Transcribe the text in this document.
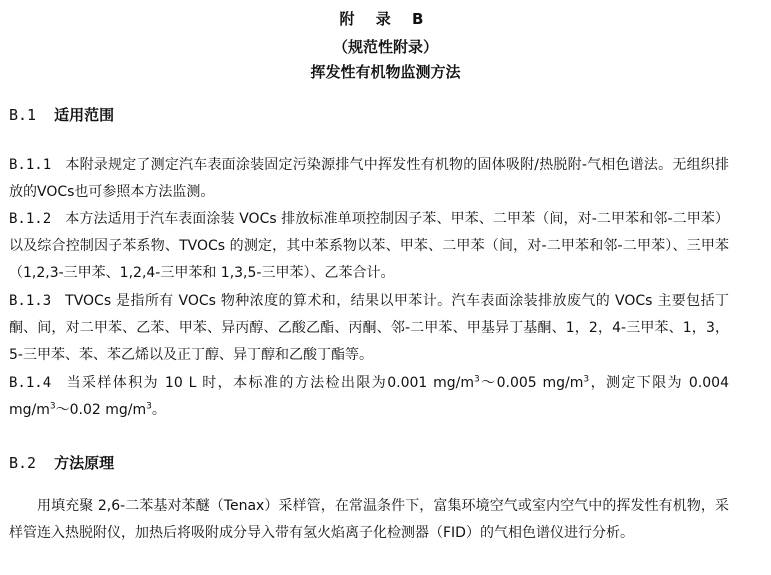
附 录 B
（规范性附录）
挥发性有机物监测方法
B.1 适用范围
B.1.1 本附录规定了测定汽车表面涂装固定污染源排气中挥发性有机物的固体吸附/热脱附-气相色谱法。无组织排放的VOCs也可参照本方法监测。
B.1.2 本方法适用于汽车表面涂装 VOCs 排放标准单项控制因子苯、甲苯、二甲苯（间，对-二甲苯和邻-二甲苯）以及综合控制因子苯系物、TVOCs 的测定，其中苯系物以苯、甲苯、二甲苯（间，对-二甲苯和邻-二甲苯）、三甲苯（1,2,3-三甲苯、1,2,4-三甲苯和 1,3,5-三甲苯）、乙苯合计。
B.1.3 TVOCs 是指所有 VOCs 物种浓度的算术和，结果以甲苯计。汽车表面涂装排放废气的 VOCs 主要包括丁酮、间，对二甲苯、乙苯、甲苯、异丙醇、乙酸乙酯、丙酮、邻-二甲苯、甲基异丁基酮、1，2，4-三甲苯、1，3，5-三甲苯、苯、苯乙烯以及正丁醇、异丁醇和乙酸丁酯等。
B.1.4 当采样体积为 10 L 时，本标准的方法检出限为0.001 $mg/m^3\sim 0.005$ $mg/m^3$，测定下限为 0.004 $mg/m^3\sim 0.02$ $mg/m^3$。
B.2 方法原理
用填充聚 2,6-二苯基对苯醚（Tenax）采样管，在常温条件下，富集环境空气或室内空气中的挥发性有机物，采样管连入热脱附仪，加热后将吸附成分导入带有氢火焰离子化检测器（FID）的气相色谱仪进行分析。
